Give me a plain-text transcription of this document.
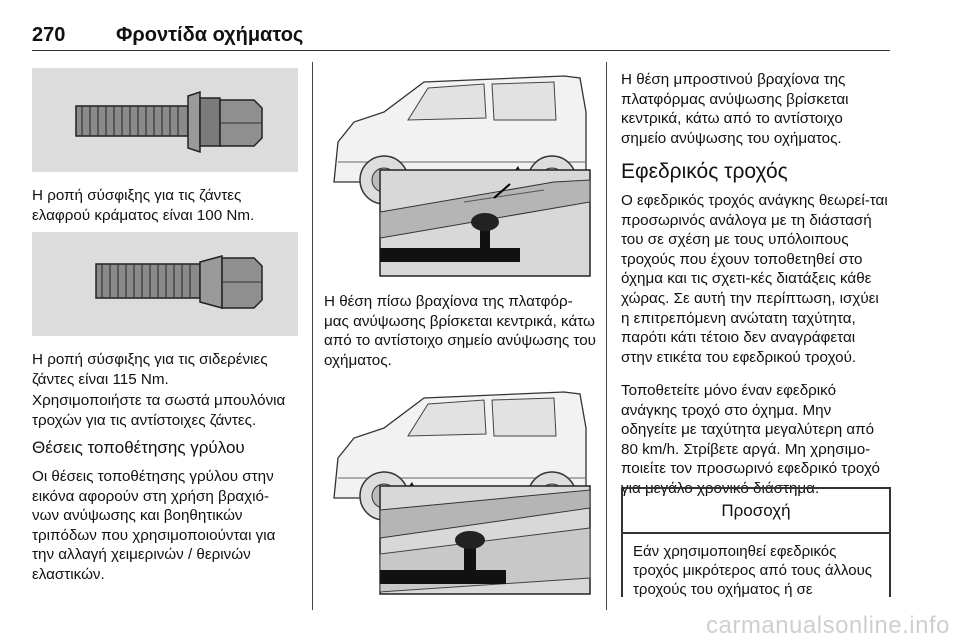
270	Φροντίδα οχήματος

Η ροπή σύσφιξης για τις ζάντες ελαφρού κράματος είναι 100 Nm.

Η ροπή σύσφιξης για τις σιδερένιες ζάντες είναι 115 Nm.

Χρησιμοποιήστε τα σωστά μπουλόνια τροχών για τις αντίστοιχες ζάντες.

Θέσεις τοποθέτησης γρύλου

Οι θέσεις τοποθέτησης γρύλου στην εικόνα αφορούν στη χρήση βραχιό-νων ανύψωσης και βοηθητικών τριπόδων που χρησιμοποιούνται για την αλλαγή χειμερινών / θερινών ελαστικών.

Η θέση πίσω βραχίονα της πλατφόρ-μας ανύψωσης βρίσκεται κεντρικά, κάτω από το αντίστοιχο σημείο ανύψωσης του οχήματος.

Η θέση μπροστινού βραχίονα της πλατφόρμας ανύψωσης βρίσκεται κεντρικά, κάτω από το αντίστοιχο σημείο ανύψωσης του οχήματος.

Εφεδρικός τροχός

Ο εφεδρικός τροχός ανάγκης θεωρεί-ται προσωρινός ανάλογα με τη διάστασή του σε σχέση με τους υπόλοιπους τροχούς που έχουν τοποθετηθεί στο όχημα και τις σχετι-κές διατάξεις κάθε χώρας. Σε αυτή την περίπτωση, ισχύει η επιτρεπόμενη ανώτατη ταχύτητα, παρότι κάτι τέτοιο δεν αναγράφεται στην ετικέτα του εφεδρικού τροχού.

Τοποθετείτε μόνο έναν εφεδρικό ανάγκης τροχό στο όχημα. Μην οδηγείτε με ταχύτητα μεγαλύτερη από 80 km/h. Στρίβετε αργά. Μη χρησιμο-ποιείτε τον προσωρινό εφεδρικό τροχό για μεγάλο χρονικό διάστημα.

Προσοχή
Εάν χρησιμοποιηθεί εφεδρικός τροχός μικρότερος από τους άλλους τροχούς του οχήματος ή σε
carmanualsonline.info
